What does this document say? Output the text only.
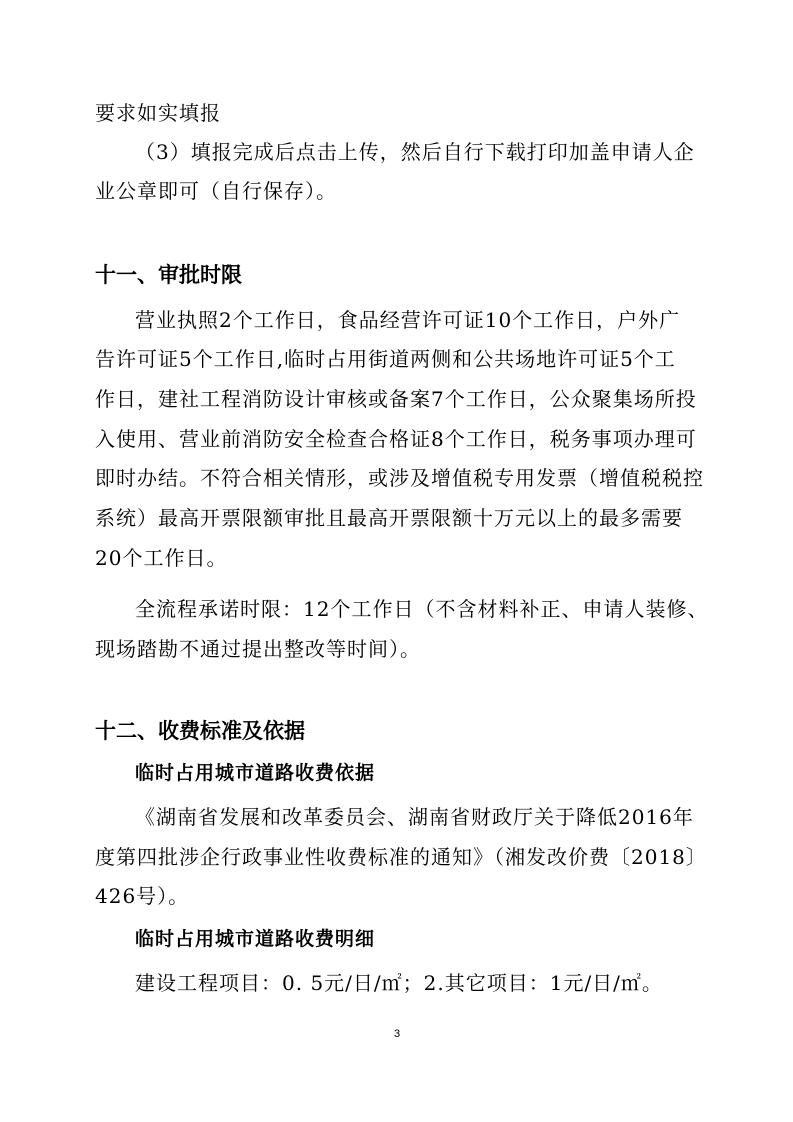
要求如实填报
（3）填报完成后点击上传，然后自行下载打印加盖申请人企
业公章即可（自行保存）。
十一、审批时限
营业执照2个工作日，食品经营许可证10个工作日，户外广
告许可证5个工作日,临时占用街道两侧和公共场地许可证5个工
作日，建社工程消防设计审核或备案7个工作日，公众聚集场所投
入使用、营业前消防安全检查合格证8个工作日，税务事项办理可
即时办结。不符合相关情形，或涉及增值税专用发票（增值税税控
系统）最高开票限额审批且最高开票限额十万元以上的最多需要
20个工作日。
全流程承诺时限：12个工作日（不含材料补正、申请人装修、
现场踏勘不通过提出整改等时间）。
十二、收费标准及依据
临时占用城市道路收费依据
《湖南省发展和改革委员会、湖南省财政厅关于降低2016年
度第四批涉企行政事业性收费标准的通知》（湘发改价费〔2018〕
426号）。
临时占用城市道路收费明细
建设工程项目：0. 5元/日/㎡；2.其它项目：1元/日/㎡。
3
